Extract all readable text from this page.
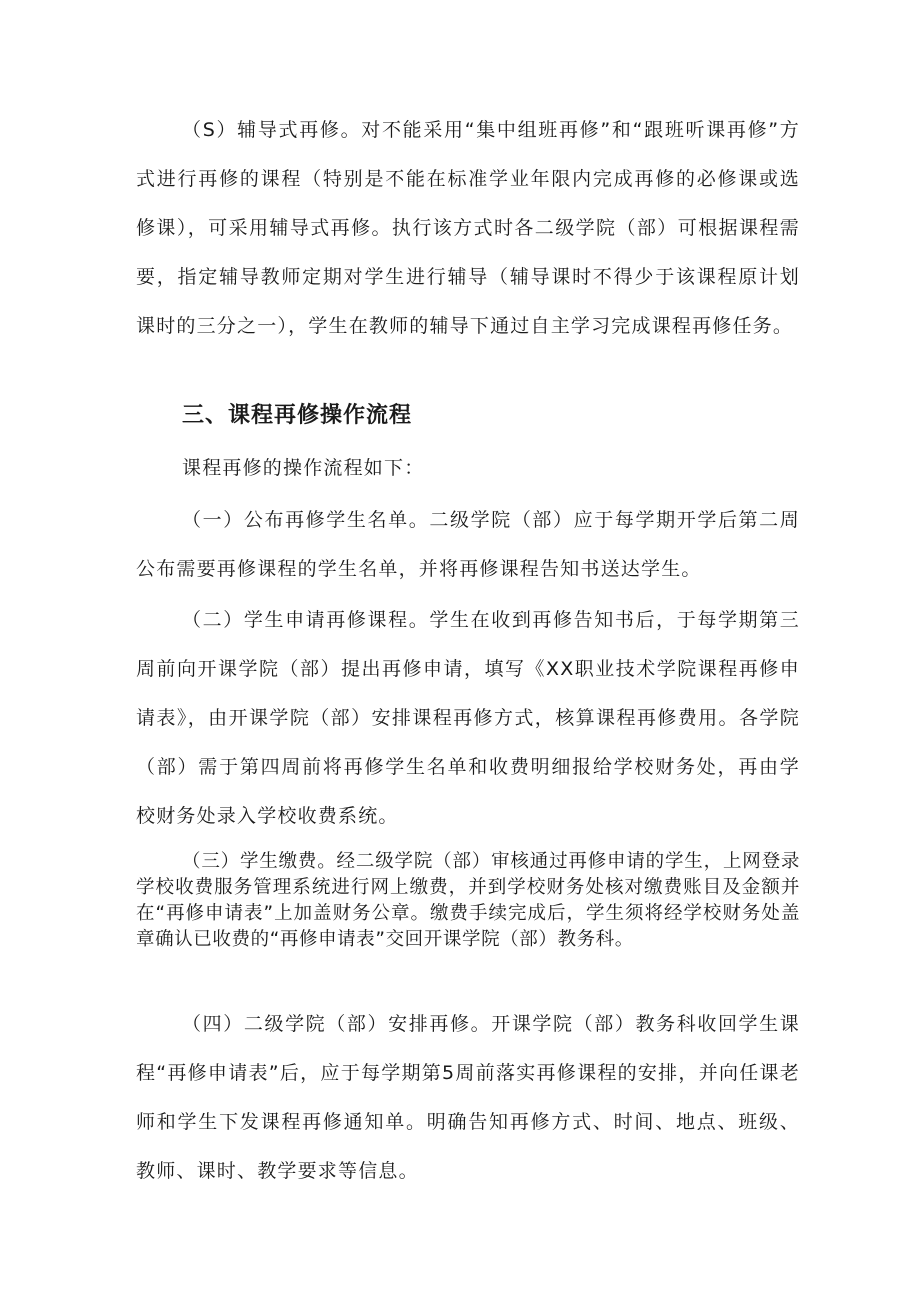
（S）辅导式再修。对不能采用“集中组班再修”和“跟班听课再修”方式进行再修的课程（特别是不能在标准学业年限内完成再修的必修课或选修课），可采用辅导式再修。执行该方式时各二级学院（部）可根据课程需要，指定辅导教师定期对学生进行辅导（辅导课时不得少于该课程原计划课时的三分之一），学生在教师的辅导下通过自主学习完成课程再修任务。

三、课程再修操作流程

课程再修的操作流程如下：

（一）公布再修学生名单。二级学院（部）应于每学期开学后第二周公布需要再修课程的学生名单，并将再修课程告知书送达学生。

（二）学生申请再修课程。学生在收到再修告知书后，于每学期第三周前向开课学院（部）提出再修申请，填写《XX职业技术学院课程再修申请表》，由开课学院（部）安排课程再修方式，核算课程再修费用。各学院（部）需于第四周前将再修学生名单和收费明细报给学校财务处，再由学校财务处录入学校收费系统。

（三）学生缴费。经二级学院（部）审核通过再修申请的学生，上网登录学校收费服务管理系统进行网上缴费，并到学校财务处核对缴费账目及金额并在“再修申请表”上加盖财务公章。缴费手续完成后，学生须将经学校财务处盖章确认已收费的“再修申请表”交回开课学院（部）教务科。

（四）二级学院（部）安排再修。开课学院（部）教务科收回学生课程“再修申请表”后，应于每学期第5周前落实再修课程的安排，并向任课老师和学生下发课程再修通知单。明确告知再修方式、时间、地点、班级、教师、课时、教学要求等信息。
